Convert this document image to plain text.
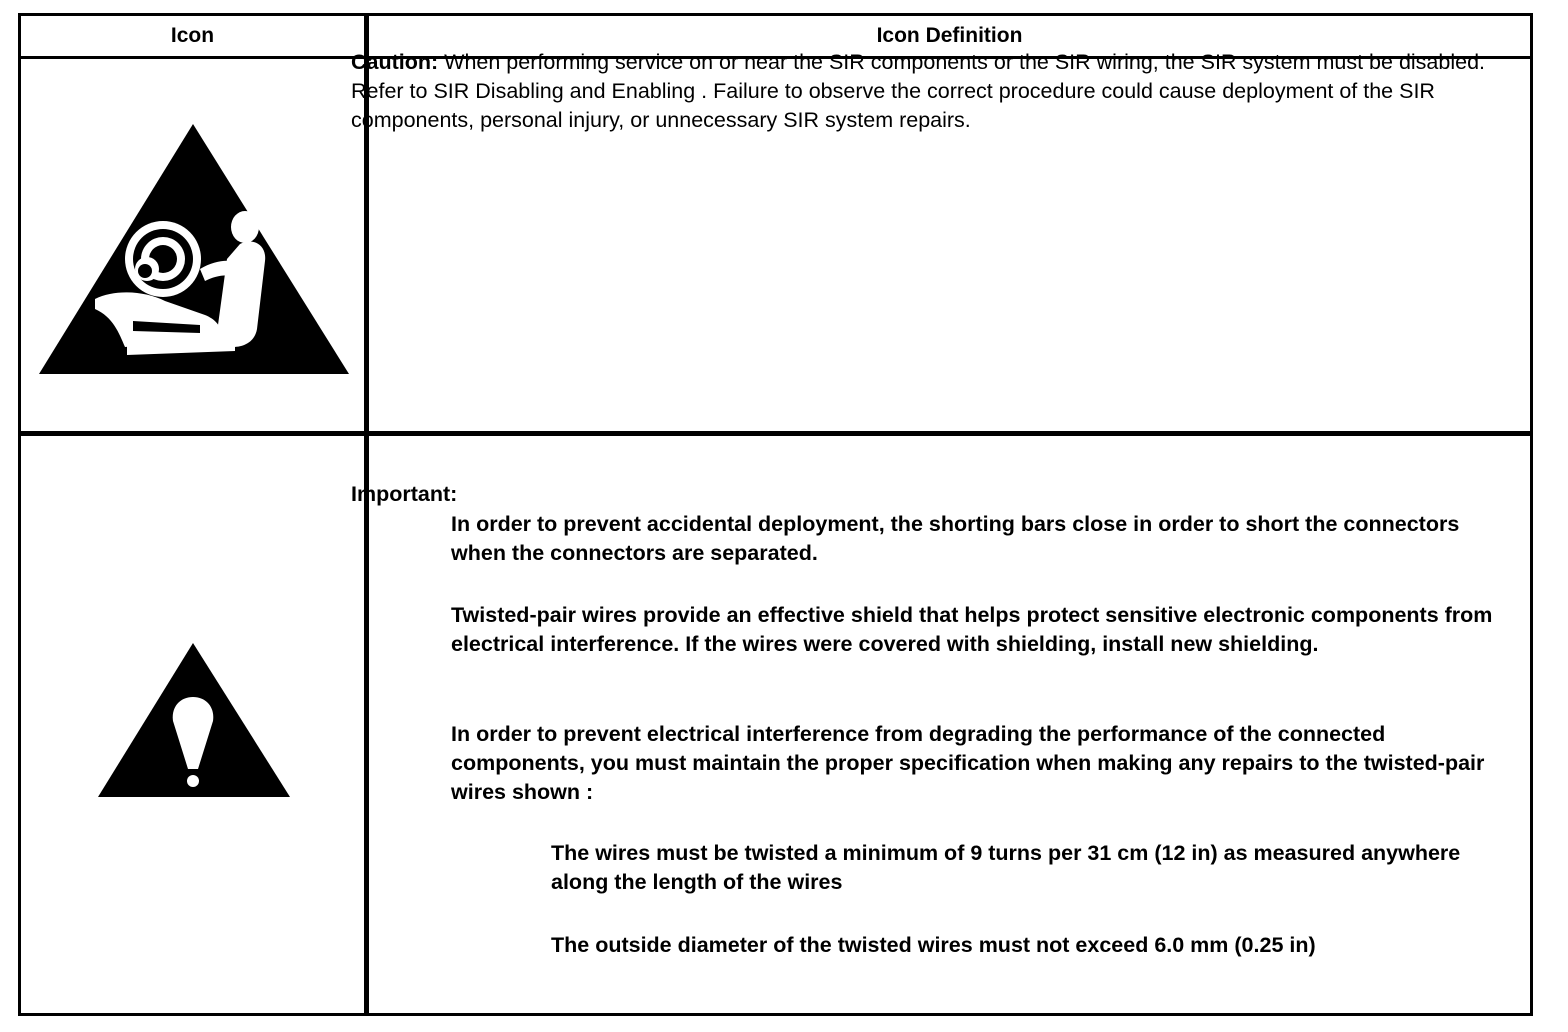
Icon	Icon Definition

Caution: When performing service on or near the SIR components or the SIR wiring, the SIR system must be disabled. Refer to SIR Disabling and Enabling . Failure to observe the correct procedure could cause deployment of the SIR components, personal injury, or unnecessary SIR system repairs.

Important:

In order to prevent accidental deployment, the shorting bars close in order to short the connectors when the connectors are separated.

Twisted-pair wires provide an effective shield that helps protect sensitive electronic components from electrical interference. If the wires were covered with shielding, install new shielding.

In order to prevent electrical interference from degrading the performance of the connected components, you must maintain the proper specification when making any repairs to the twisted-pair wires shown :

The wires must be twisted a minimum of 9 turns per 31 cm (12 in) as measured anywhere along the length of the wires

The outside diameter of the twisted wires must not exceed 6.0 mm (0.25 in)
